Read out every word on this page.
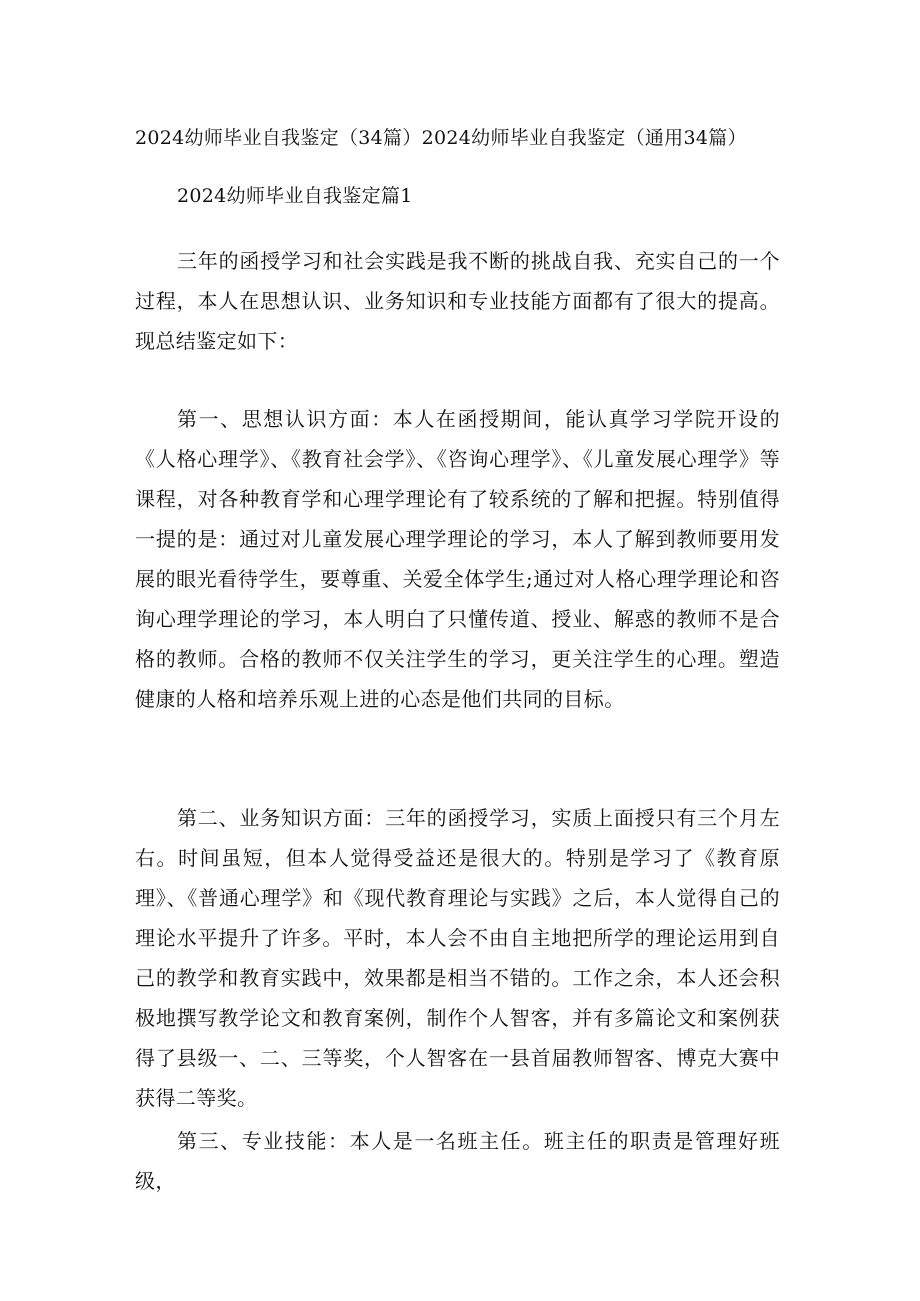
2024幼师毕业自我鉴定（34篇）2024幼师毕业自我鉴定（通用34篇）
2024幼师毕业自我鉴定篇1

三年的函授学习和社会实践是我不断的挑战自我、充实自己的一个过程，本人在思想认识、业务知识和专业技能方面都有了很大的提高。现总结鉴定如下：

第一、思想认识方面：本人在函授期间，能认真学习学院开设的《人格心理学》、《教育社会学》、《咨询心理学》、《儿童发展心理学》等课程，对各种教育学和心理学理论有了较系统的了解和把握。特别值得一提的是：通过对儿童发展心理学理论的学习，本人了解到教师要用发展的眼光看待学生，要尊重、关爱全体学生;通过对人格心理学理论和咨询心理学理论的学习，本人明白了只懂传道、授业、解惑的教师不是合格的教师。合格的教师不仅关注学生的学习，更关注学生的心理。塑造健康的人格和培养乐观上进的心态是他们共同的目标。

第二、业务知识方面：三年的函授学习，实质上面授只有三个月左右。时间虽短，但本人觉得受益还是很大的。特别是学习了《教育原理》、《普通心理学》和《现代教育理论与实践》之后，本人觉得自己的理论水平提升了许多。平时，本人会不由自主地把所学的理论运用到自己的教学和教育实践中，效果都是相当不错的。工作之余，本人还会积极地撰写教学论文和教育案例，制作个人智客，并有多篇论文和案例获得了县级一、二、三等奖，个人智客在一县首届教师智客、博克大赛中获得二等奖。

第三、专业技能：本人是一名班主任。班主任的职责是管理好班级，
